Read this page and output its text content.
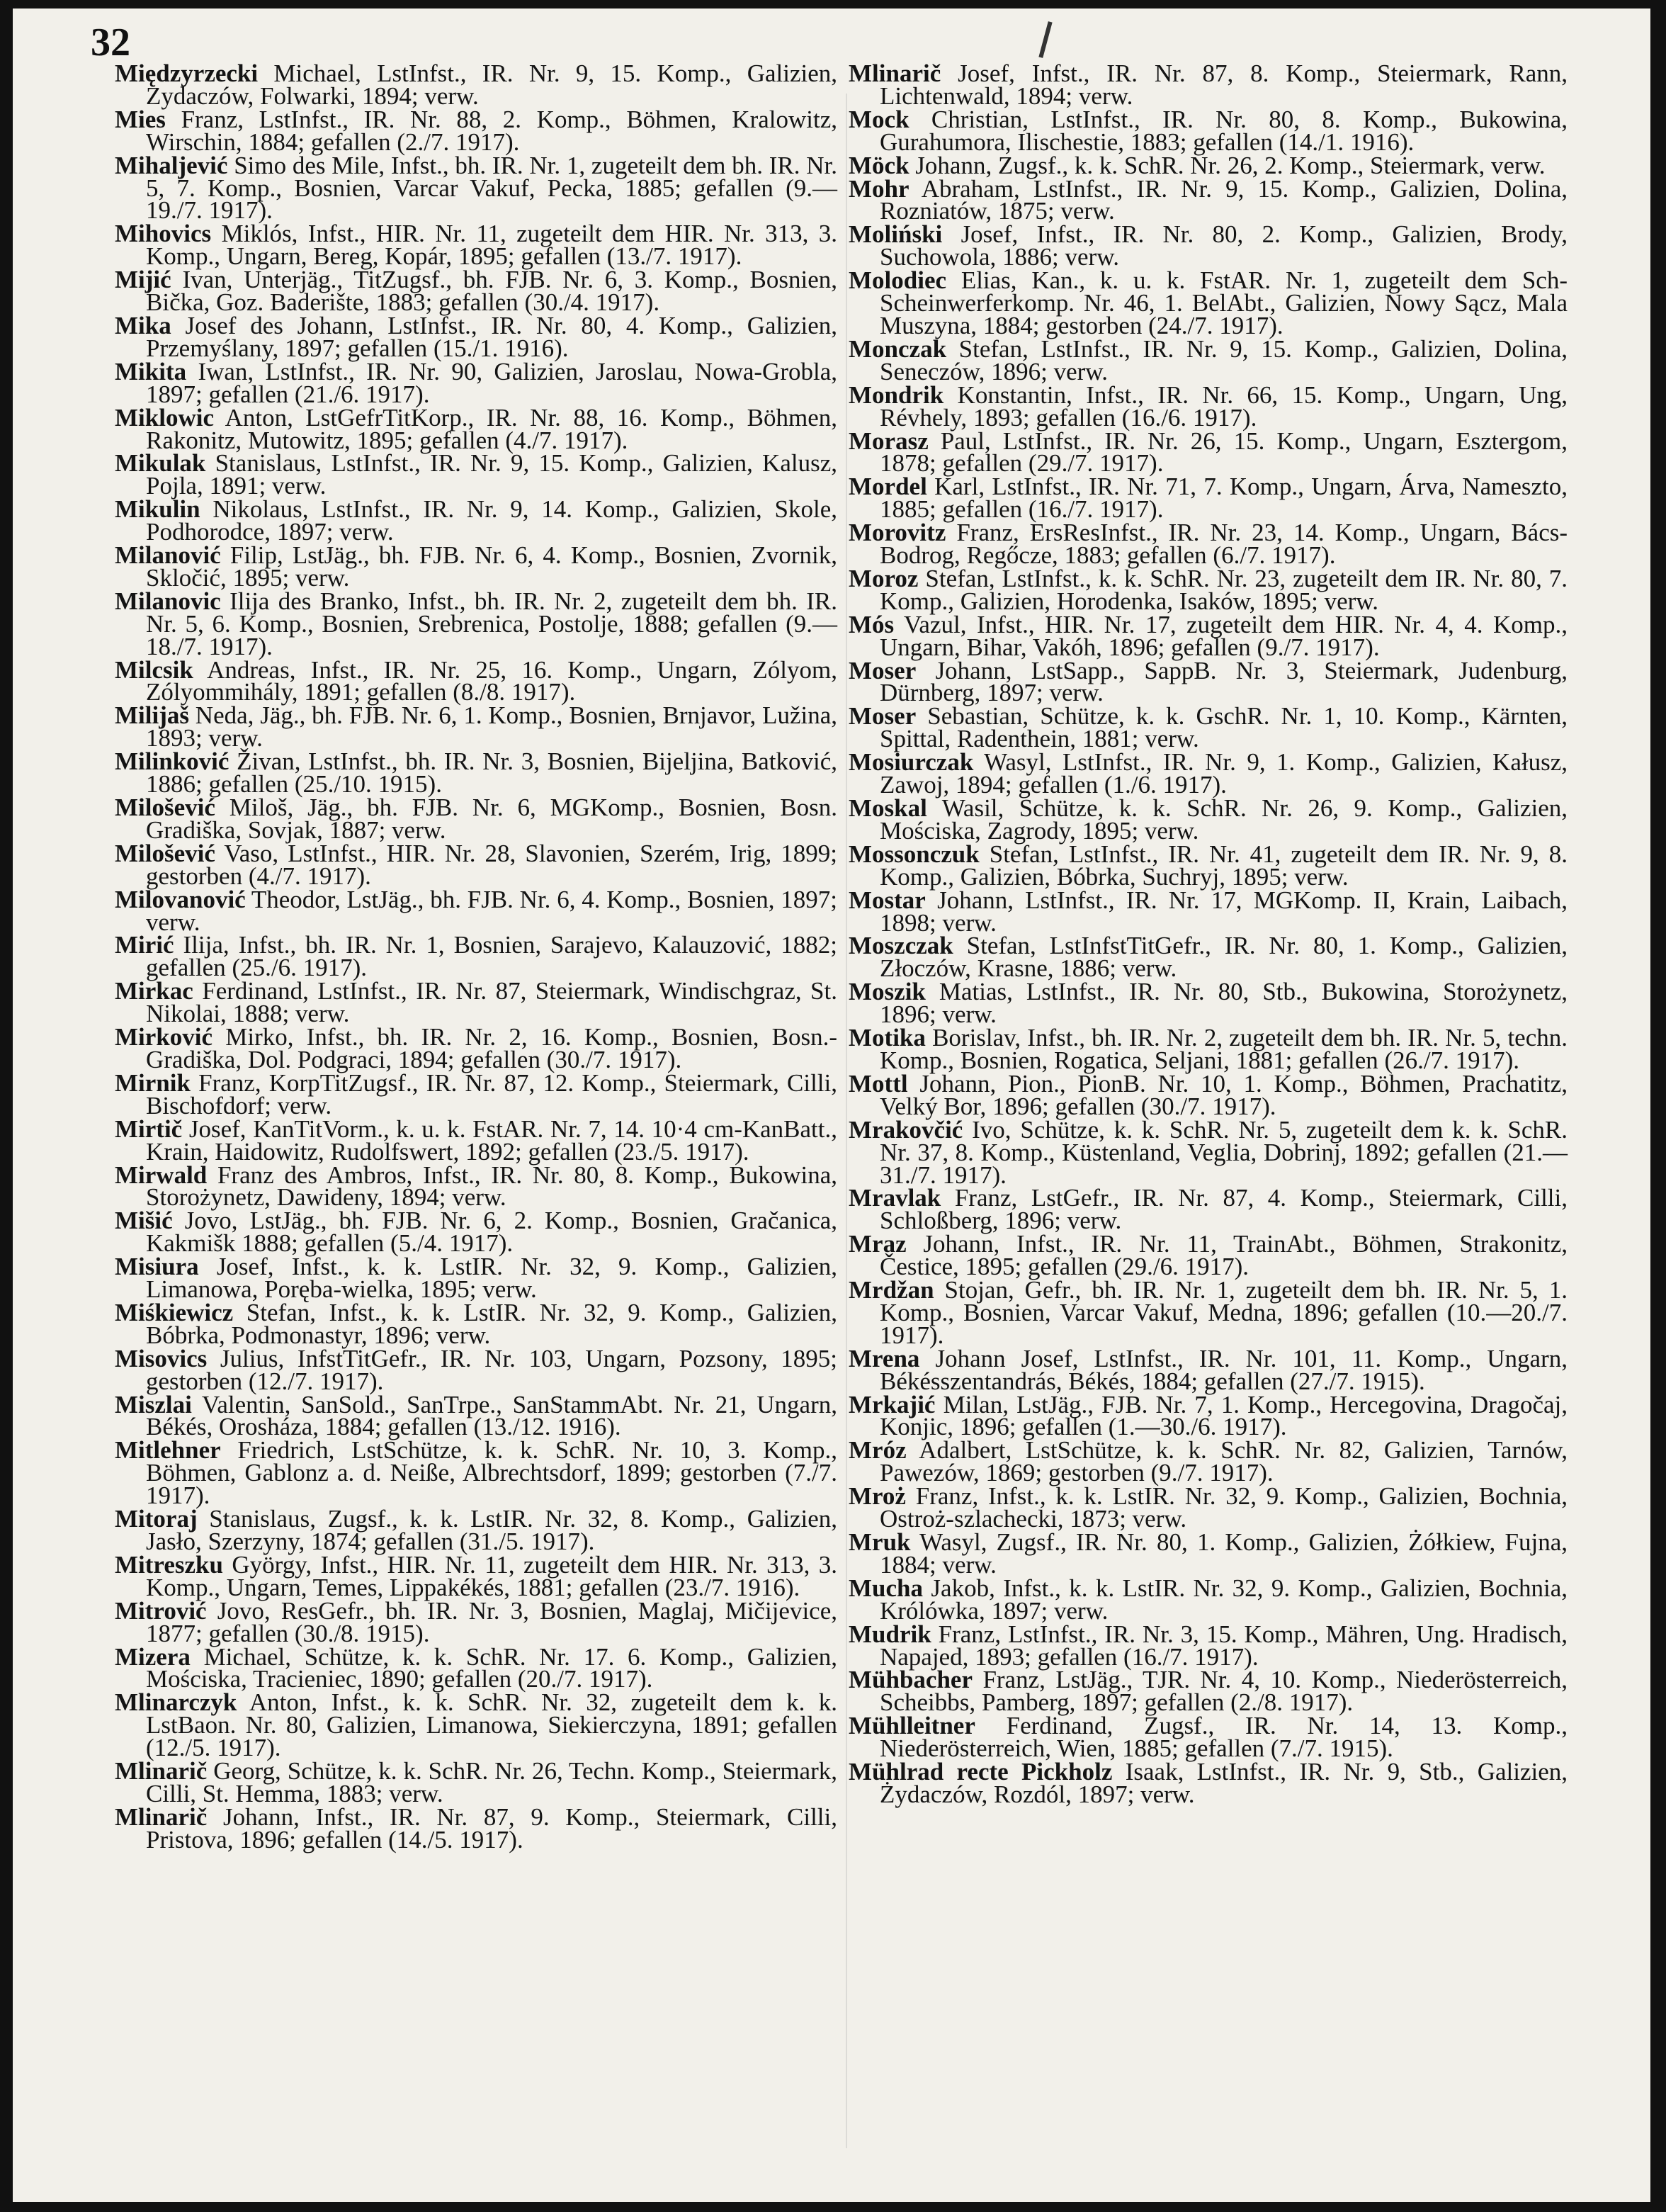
32

Międzyrzecki Michael, LstInfst., IR. Nr. 9, 15. Komp., Galizien, Zydaczów, Folwarki, 1894; verw.

Mies Franz, LstInfst., IR. Nr. 88, 2. Komp., Böhmen, Kralowitz, Wirschin, 1884; gefallen (2./7. 1917).

Mihaljević Simo des Mile, Infst., bh. IR. Nr. 1, zugeteilt dem bh. IR. Nr. 5, 7. Komp., Bosnien, Varcar Vakuf, Pecka, 1885; gefallen (9.—19./7. 1917).

Mihovics Miklós, Infst., HIR. Nr. 11, zugeteilt dem HIR. Nr. 313, 3. Komp., Ungarn, Bereg, Kopár, 1895; gefallen (13./7. 1917).

Mijić Ivan, Unterjäg., TitZugsf., bh. FJB. Nr. 6, 3. Komp., Bosnien, Bička, Goz. Baderište, 1883; gefallen (30./4. 1917).

Mika Josef des Johann, LstInfst., IR. Nr. 80, 4. Komp., Galizien, Przemyślany, 1897; gefallen (15./1. 1916).

Mikita Iwan, LstInfst., IR. Nr. 90, Galizien, Jaroslau, Nowa-Grobla, 1897; gefallen (21./6. 1917).

Miklowic Anton, LstGefrTitKorp., IR. Nr. 88, 16. Komp., Böhmen, Rakonitz, Mutowitz, 1895; gefallen (4./7. 1917).

Mikulak Stanislaus, LstInfst., IR. Nr. 9, 15. Komp., Galizien, Kalusz, Pojla, 1891; verw.

Mikulin Nikolaus, LstInfst., IR. Nr. 9, 14. Komp., Galizien, Skole, Podhorodce, 1897; verw.

Milanović Filip, LstJäg., bh. FJB. Nr. 6, 4. Komp., Bosnien, Zvornik, Skločić, 1895; verw.

Milanovic Ilija des Branko, Infst., bh. IR. Nr. 2, zugeteilt dem bh. IR. Nr. 5, 6. Komp., Bosnien, Srebrenica, Postolje, 1888; gefallen (9.—18./7. 1917).

Milcsik Andreas, Infst., IR. Nr. 25, 16. Komp., Ungarn, Zólyom, Zólyommihály, 1891; gefallen (8./8. 1917).

Milijaš Neda, Jäg., bh. FJB. Nr. 6, 1. Komp., Bosnien, Brnjavor, Lužina, 1893; verw.

Milinković Živan, LstInfst., bh. IR. Nr. 3, Bosnien, Bijeljina, Batković, 1886; gefallen (25./10. 1915).

Milošević Miloš, Jäg., bh. FJB. Nr. 6, MGKomp., Bosnien, Bosn. Gradiška, Sovjak, 1887; verw.

Milošević Vaso, LstInfst., HIR. Nr. 28, Slavonien, Szerém, Irig, 1899; gestorben (4./7. 1917).

Milovanović Theodor, LstJäg., bh. FJB. Nr. 6, 4. Komp., Bosnien, 1897; verw.

Mirić Ilija, Infst., bh. IR. Nr. 1, Bosnien, Sarajevo, Kalauzović, 1882; gefallen (25./6. 1917).

Mirkac Ferdinand, LstInfst., IR. Nr. 87, Steiermark, Windischgraz, St. Nikolai, 1888; verw.

Mirković Mirko, Infst., bh. IR. Nr. 2, 16. Komp., Bosnien, Bosn.-Gradiška, Dol. Podgraci, 1894; gefallen (30./7. 1917).

Mirnik Franz, KorpTitZugsf., IR. Nr. 87, 12. Komp., Steiermark, Cilli, Bischofdorf; verw.

Mirtič Josef, KanTitVorm., k. u. k. FstAR. Nr. 7, 14. 10·4 cm-KanBatt., Krain, Haidowitz, Rudolfswert, 1892; gefallen (23./5. 1917).

Mirwald Franz des Ambros, Infst., IR. Nr. 80, 8. Komp., Bukowina, Storożynetz, Dawideny, 1894; verw.

Mišić Jovo, LstJäg., bh. FJB. Nr. 6, 2. Komp., Bosnien, Gračanica, Kakmišk 1888; gefallen (5./4. 1917).

Misiura Josef, Infst., k. k. LstIR. Nr. 32, 9. Komp., Galizien, Limanowa, Poręba-wielka, 1895; verw.

Miśkiewicz Stefan, Infst., k. k. LstIR. Nr. 32, 9. Komp., Galizien, Bóbrka, Podmonastyr, 1896; verw.

Misovics Julius, InfstTitGefr., IR. Nr. 103, Ungarn, Pozsony, 1895; gestorben (12./7. 1917).

Miszlai Valentin, SanSold., SanTrpe., SanStammAbt. Nr. 21, Ungarn, Békés, Orosháza, 1884; gefallen (13./12. 1916).

Mitlehner Friedrich, LstSchütze, k. k. SchR. Nr. 10, 3. Komp., Böhmen, Gablonz a. d. Neiße, Albrechtsdorf, 1899; gestorben (7./7. 1917).

Mitoraj Stanislaus, Zugsf., k. k. LstIR. Nr. 32, 8. Komp., Galizien, Jasło, Szerzyny, 1874; gefallen (31./5. 1917).

Mitreszku György, Infst., HIR. Nr. 11, zugeteilt dem HIR. Nr. 313, 3. Komp., Ungarn, Temes, Lippakékés, 1881; gefallen (23./7. 1916).

Mitrović Jovo, ResGefr., bh. IR. Nr. 3, Bosnien, Maglaj, Mičijevice, 1877; gefallen (30./8. 1915).

Mizera Michael, Schütze, k. k. SchR. Nr. 17. 6. Komp., Galizien, Mościska, Tracieniec, 1890; gefallen (20./7. 1917).

Mlinarczyk Anton, Infst., k. k. SchR. Nr. 32, zugeteilt dem k. k. LstBaon. Nr. 80, Galizien, Limanowa, Siekierczyna, 1891; gefallen (12./5. 1917).

Mlinarič Georg, Schütze, k. k. SchR. Nr. 26, Techn. Komp., Steiermark, Cilli, St. Hemma, 1883; verw.

Mlinarič Johann, Infst., IR. Nr. 87, 9. Komp., Steiermark, Cilli, Pristova, 1896; gefallen (14./5. 1917).

Mlinarič Josef, Infst., IR. Nr. 87, 8. Komp., Steiermark, Rann, Lichtenwald, 1894; verw.

Mock Christian, LstInfst., IR. Nr. 80, 8. Komp., Bukowina, Gurahumora, Ilischestie, 1883; gefallen (14./1. 1916).

Möck Johann, Zugsf., k. k. SchR. Nr. 26, 2. Komp., Steiermark, verw.

Mohr Abraham, LstInfst., IR. Nr. 9, 15. Komp., Galizien, Dolina, Rozniatów, 1875; verw.

Moliński Josef, Infst., IR. Nr. 80, 2. Komp., Galizien, Brody, Suchowola, 1886; verw.

Molodiec Elias, Kan., k. u. k. FstAR. Nr. 1, zugeteilt dem Sch-Scheinwerferkomp. Nr. 46, 1. BelAbt., Galizien, Nowy Sącz, Mala Muszyna, 1884; gestorben (24./7. 1917).

Monczak Stefan, LstInfst., IR. Nr. 9, 15. Komp., Galizien, Dolina, Seneczów, 1896; verw.

Mondrik Konstantin, Infst., IR. Nr. 66, 15. Komp., Ungarn, Ung, Révhely, 1893; gefallen (16./6. 1917).

Morasz Paul, LstInfst., IR. Nr. 26, 15. Komp., Ungarn, Esztergom, 1878; gefallen (29./7. 1917).

Mordel Karl, LstInfst., IR. Nr. 71, 7. Komp., Ungarn, Árva, Nameszto, 1885; gefallen (16./7. 1917).

Morovitz Franz, ErsResInfst., IR. Nr. 23, 14. Komp., Ungarn, Bács-Bodrog, Regőcze, 1883; gefallen (6./7. 1917).

Moroz Stefan, LstInfst., k. k. SchR. Nr. 23, zugeteilt dem IR. Nr. 80, 7. Komp., Galizien, Horodenka, Isaków, 1895; verw.

Mós Vazul, Infst., HIR. Nr. 17, zugeteilt dem HIR. Nr. 4, 4. Komp., Ungarn, Bihar, Vakóh, 1896; gefallen (9./7. 1917).

Moser Johann, LstSapp., SappB. Nr. 3, Steiermark, Judenburg, Dürnberg, 1897; verw.

Moser Sebastian, Schütze, k. k. GschR. Nr. 1, 10. Komp., Kärnten, Spittal, Radenthein, 1881; verw.

Mosiurczak Wasyl, LstInfst., IR. Nr. 9, 1. Komp., Galizien, Kałusz, Zawoj, 1894; gefallen (1./6. 1917).

Moskal Wasil, Schütze, k. k. SchR. Nr. 26, 9. Komp., Galizien, Mościska, Zagrody, 1895; verw.

Mossonczuk Stefan, LstInfst., IR. Nr. 41, zugeteilt dem IR. Nr. 9, 8. Komp., Galizien, Bóbrka, Suchryj, 1895; verw.

Mostar Johann, LstInfst., IR. Nr. 17, MGKomp. II, Krain, Laibach, 1898; verw.

Moszczak Stefan, LstInfstTitGefr., IR. Nr. 80, 1. Komp., Galizien, Złoczów, Krasne, 1886; verw.

Moszik Matias, LstInfst., IR. Nr. 80, Stb., Bukowina, Storożynetz, 1896; verw.

Motika Borislav, Infst., bh. IR. Nr. 2, zugeteilt dem bh. IR. Nr. 5, techn. Komp., Bosnien, Rogatica, Seljani, 1881; gefallen (26./7. 1917).

Mottl Johann, Pion., PionB. Nr. 10, 1. Komp., Böhmen, Prachatitz, Velký Bor, 1896; gefallen (30./7. 1917).

Mrakovčić Ivo, Schütze, k. k. SchR. Nr. 5, zugeteilt dem k. k. SchR. Nr. 37, 8. Komp., Küstenland, Veglia, Dobrinj, 1892; gefallen (21.—31./7. 1917).

Mravlak Franz, LstGefr., IR. Nr. 87, 4. Komp., Steiermark, Cilli, Schloßberg, 1896; verw.

Mraz Johann, Infst., IR. Nr. 11, TrainAbt., Böhmen, Strakonitz, Čestice, 1895; gefallen (29./6. 1917).

Mrdžan Stojan, Gefr., bh. IR. Nr. 1, zugeteilt dem bh. IR. Nr. 5, 1. Komp., Bosnien, Varcar Vakuf, Medna, 1896; gefallen (10.—20./7. 1917).

Mrena Johann Josef, LstInfst., IR. Nr. 101, 11. Komp., Ungarn, Békésszentandrás, Békés, 1884; gefallen (27./7. 1915).

Mrkajić Milan, LstJäg., FJB. Nr. 7, 1. Komp., Hercegovina, Dragočaj, Konjic, 1896; gefallen (1.—30./6. 1917).

Mróz Adalbert, LstSchütze, k. k. SchR. Nr. 82, Galizien, Tarnów, Pawezów, 1869; gestorben (9./7. 1917).

Mroż Franz, Infst., k. k. LstIR. Nr. 32, 9. Komp., Galizien, Bochnia, Ostroż-szlachecki, 1873; verw.

Mruk Wasyl, Zugsf., IR. Nr. 80, 1. Komp., Galizien, Żółkiew, Fujna, 1884; verw.

Mucha Jakob, Infst., k. k. LstIR. Nr. 32, 9. Komp., Galizien, Bochnia, Królówka, 1897; verw.

Mudrik Franz, LstInfst., IR. Nr. 3, 15. Komp., Mähren, Ung. Hradisch, Napajed, 1893; gefallen (16./7. 1917).

Mühbacher Franz, LstJäg., TJR. Nr. 4, 10. Komp., Niederösterreich, Scheibbs, Pamberg, 1897; gefallen (2./8. 1917).

Mühlleitner Ferdinand, Zugsf., IR. Nr. 14, 13. Komp., Niederösterreich, Wien, 1885; gefallen (7./7. 1915).

Mühlrad recte Pickholz Isaak, LstInfst., IR. Nr. 9, Stb., Galizien, Żydaczów, Rozdól, 1897; verw.
